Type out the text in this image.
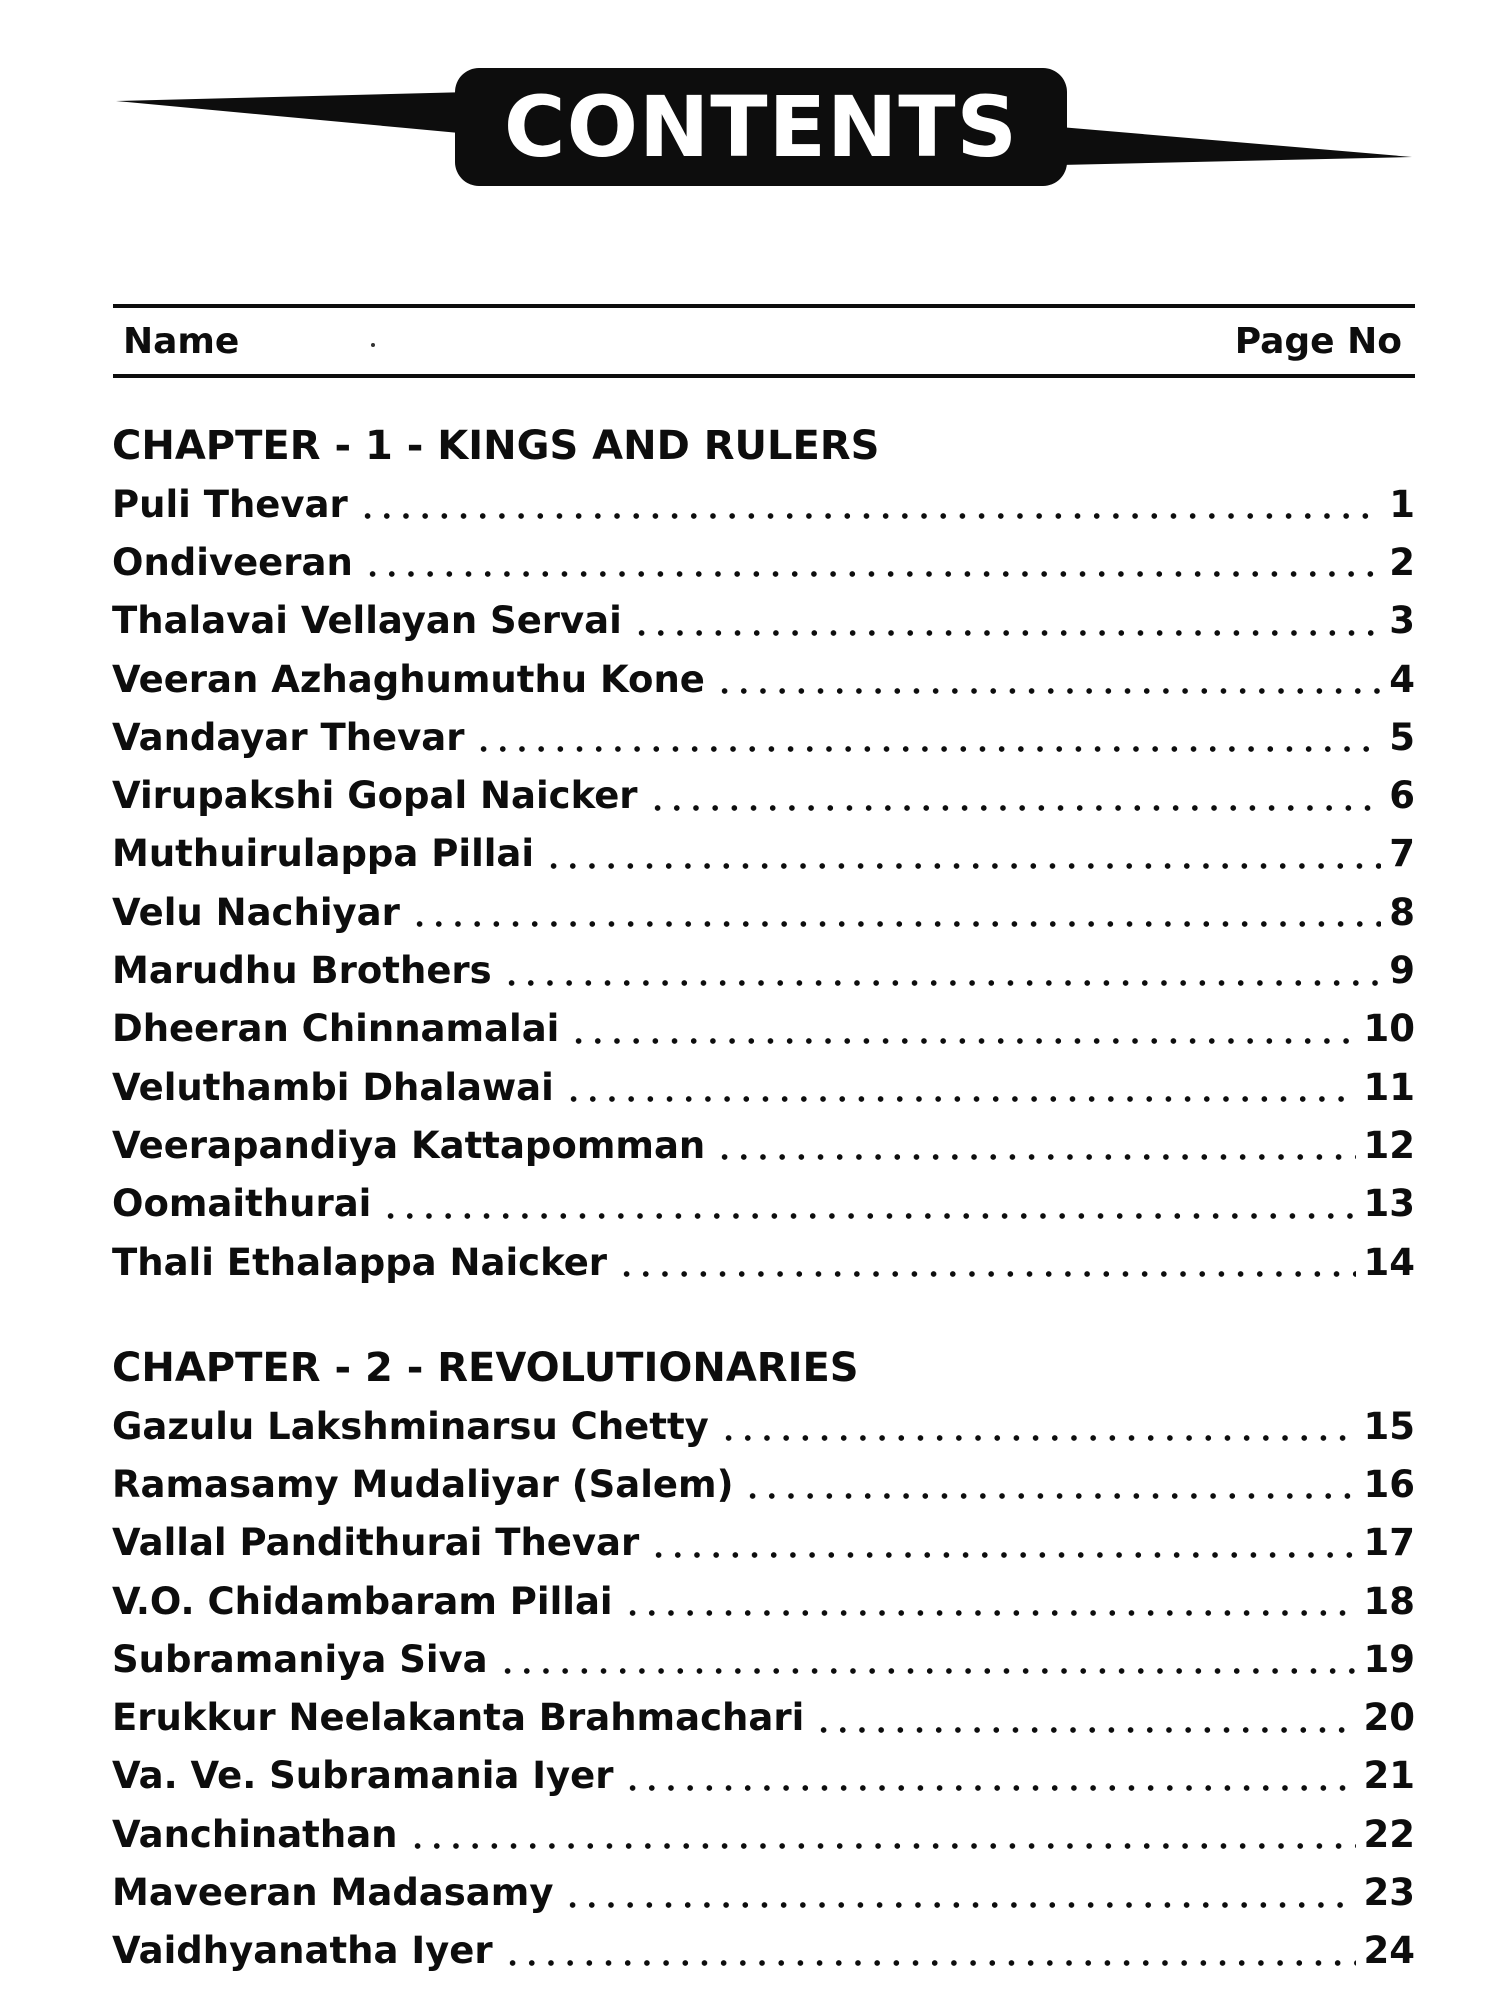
CONTENTS
Name	Page No
CHAPTER - 1 - KINGS AND RULERS
Puli Thevar	1
Ondiveeran	2
Thalavai Vellayan Servai	3
Veeran Azhaghumuthu Kone	4
Vandayar Thevar	5
Virupakshi Gopal Naicker	6
Muthuirulappa Pillai	7
Velu Nachiyar	8
Marudhu Brothers	9
Dheeran Chinnamalai	10
Veluthambi Dhalawai	11
Veerapandiya Kattapomman	12
Oomaithurai	13
Thali Ethalappa Naicker	14
CHAPTER - 2 - REVOLUTIONARIES
Gazulu Lakshminarsu Chetty	15
Ramasamy Mudaliyar (Salem)	16
Vallal Pandithurai Thevar	17
V.O. Chidambaram Pillai	18
Subramaniya Siva	19
Erukkur Neelakanta Brahmachari	20
Va. Ve. Subramania Iyer	21
Vanchinathan	22
Maveeran Madasamy	23
Vaidhyanatha Iyer	24
